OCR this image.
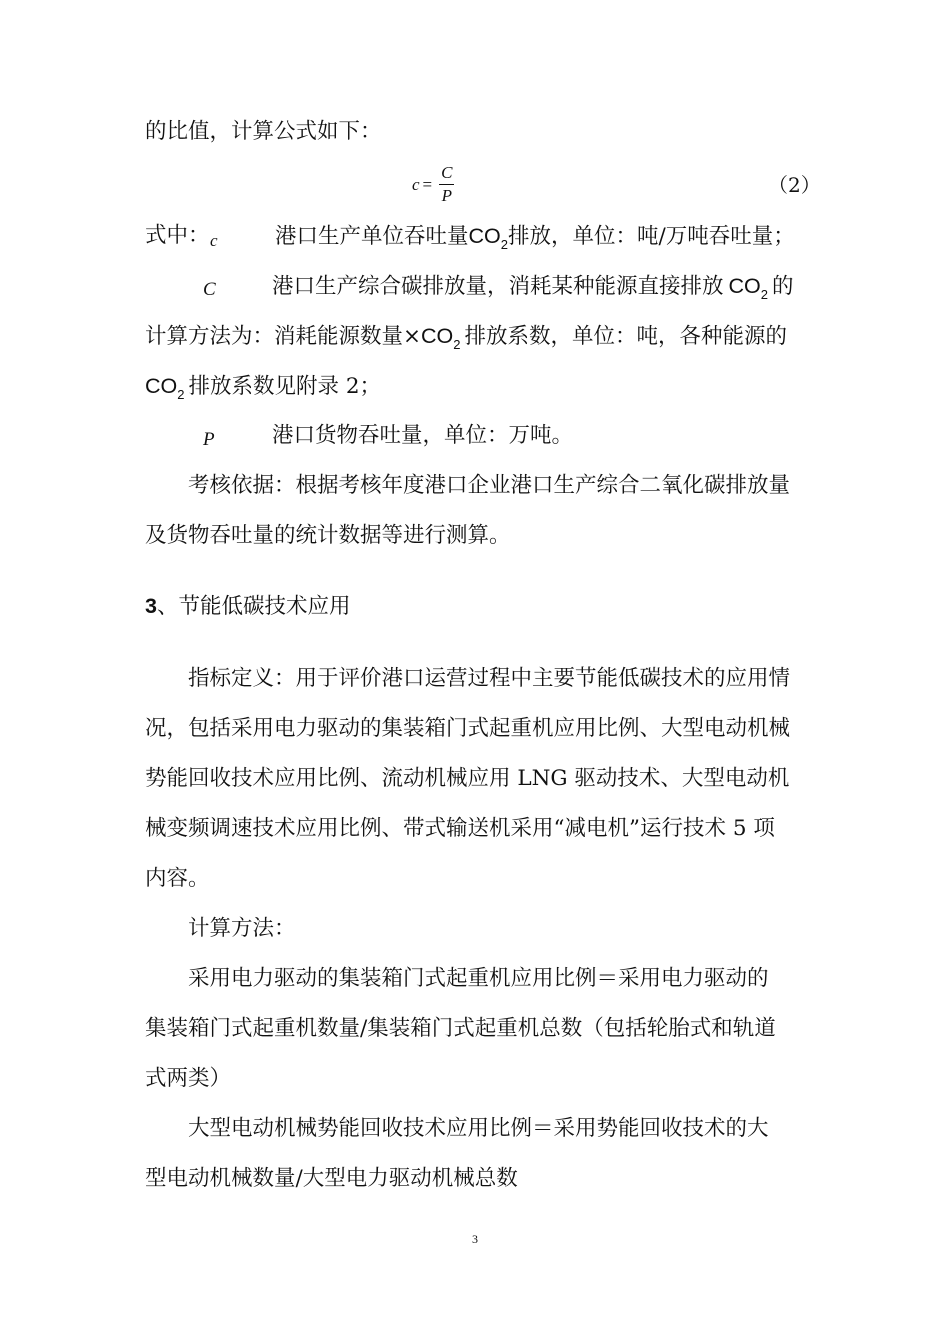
的比值，计算公式如下：
$c = \frac{C}{P}$	（2）
式中： c	港口生产单位吞吐量$CO_2$排放，单位：吨/万吨吞吐量；
C	港口生产综合碳排放量，消耗某种能源直接排放 $CO_2$ 的
计算方法为：消耗能源数量$\times CO_2$ 排放系数，单位：吨，各种能源的
$CO_2$ 排放系数见附录 2；
P	港口货物吞吐量，单位：万吨。
考核依据：根据考核年度港口企业港口生产综合二氧化碳排放量
及货物吞吐量的统计数据等进行测算。
3、节能低碳技术应用
指标定义：用于评价港口运营过程中主要节能低碳技术的应用情
况，包括采用电力驱动的集装箱门式起重机应用比例、大型电动机械
势能回收技术应用比例、流动机械应用 LNG 驱动技术、大型电动机
械变频调速技术应用比例、带式输送机采用“减电机”运行技术 5 项
内容。
计算方法：
采用电力驱动的集装箱门式起重机应用比例＝采用电力驱动的
集装箱门式起重机数量/集装箱门式起重机总数（包括轮胎式和轨道
式两类）
大型电动机械势能回收技术应用比例＝采用势能回收技术的大
型电动机械数量/大型电力驱动机械总数
3
